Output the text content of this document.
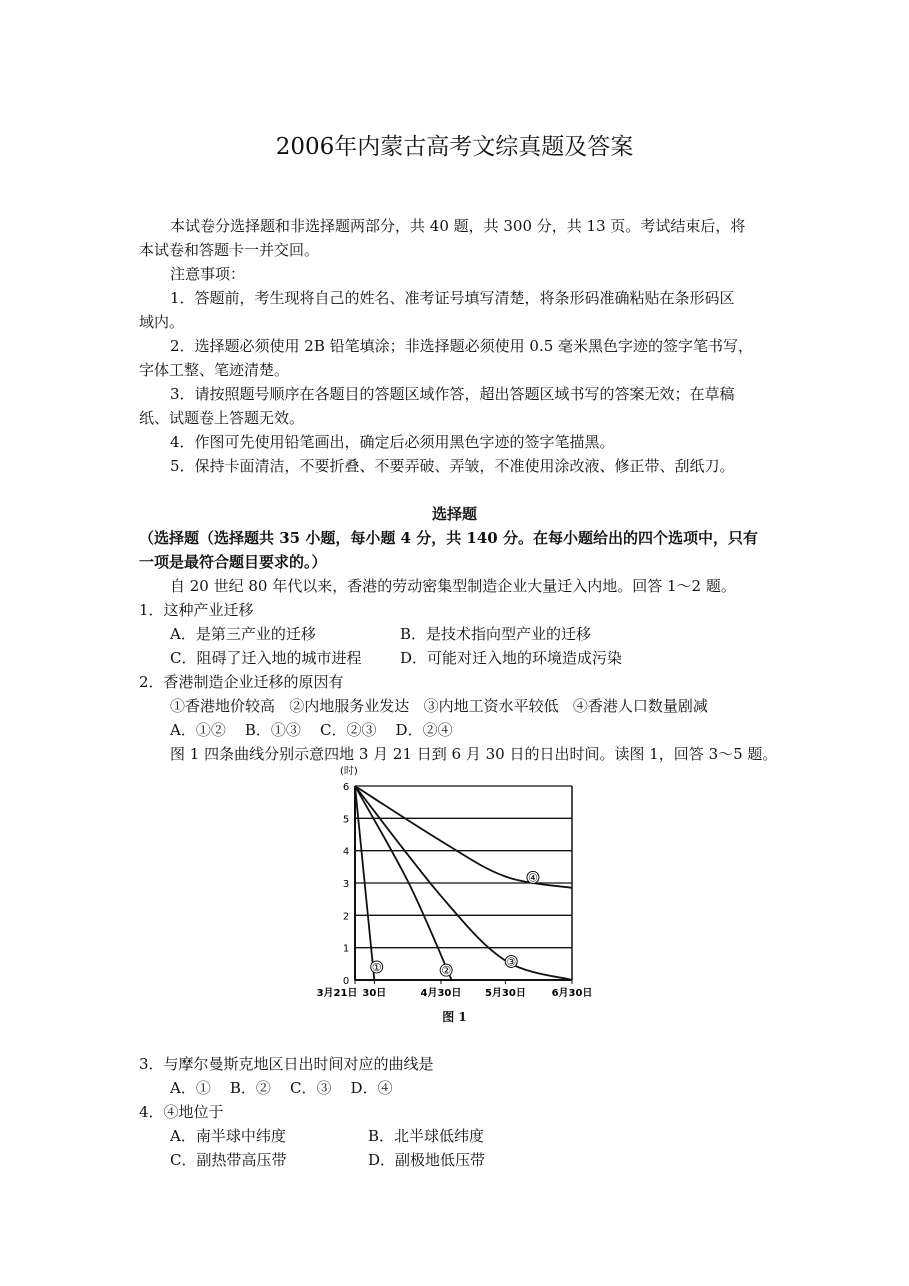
2006年内蒙古高考文综真题及答案
本试卷分选择题和非选择题两部分，共 40 题，共 300 分，共 13 页。考试结束后，将
本试卷和答题卡一并交回。
注意事项：
1．答题前，考生现将自己的姓名、准考证号填写清楚，将条形码准确粘贴在条形码区
域内。
2．选择题必须使用 2B 铅笔填涂；非选择题必须使用 0.5 毫米黑色字迹的签字笔书写，
字体工整、笔迹清楚。
3．请按照题号顺序在各题目的答题区域作答，超出答题区域书写的答案无效；在草稿
纸、试题卷上答题无效。
4．作图可先使用铅笔画出，确定后必须用黑色字迹的签字笔描黑。
5．保持卡面清洁，不要折叠、不要弄破、弄皱，不准使用涂改液、修正带、刮纸刀。
选择题
（选择题（选择题共 35 小题，每小题 4 分，共 140 分。在每小题给出的四个选项中，只有
一项是最符合题目要求的。）
自 20 世纪 80 年代以来，香港的劳动密集型制造企业大量迁入内地。回答 1～2 题。
1．这种产业迁移
A．是第三产业的迁移	B．是技术指向型产业的迁移
C．阻碍了迁入地的城市进程	D．可能对迁入地的环境造成污染
2．香港制造企业迁移的原因有
①香港地价较高   ②内地服务业发达   ③内地工资水平较低   ④香港人口数量剧减
A．①②    B．①③    C．②③    D．②④
图 1 四条曲线分别示意四地 3 月 21 日到 6 月 30 日的日出时间。读图 1，回答 3～5 题。
(时)
0
1
2
3
4
5
6
3月21日 30日	4月30日 5月30日	6月30日
①	②
③
④
图 1
3．与摩尔曼斯克地区日出时间对应的曲线是
A．①    B．②    C．③    D．④
4．④地位于
A．南半球中纬度	B．北半球低纬度
C．副热带高压带	D．副极地低压带
